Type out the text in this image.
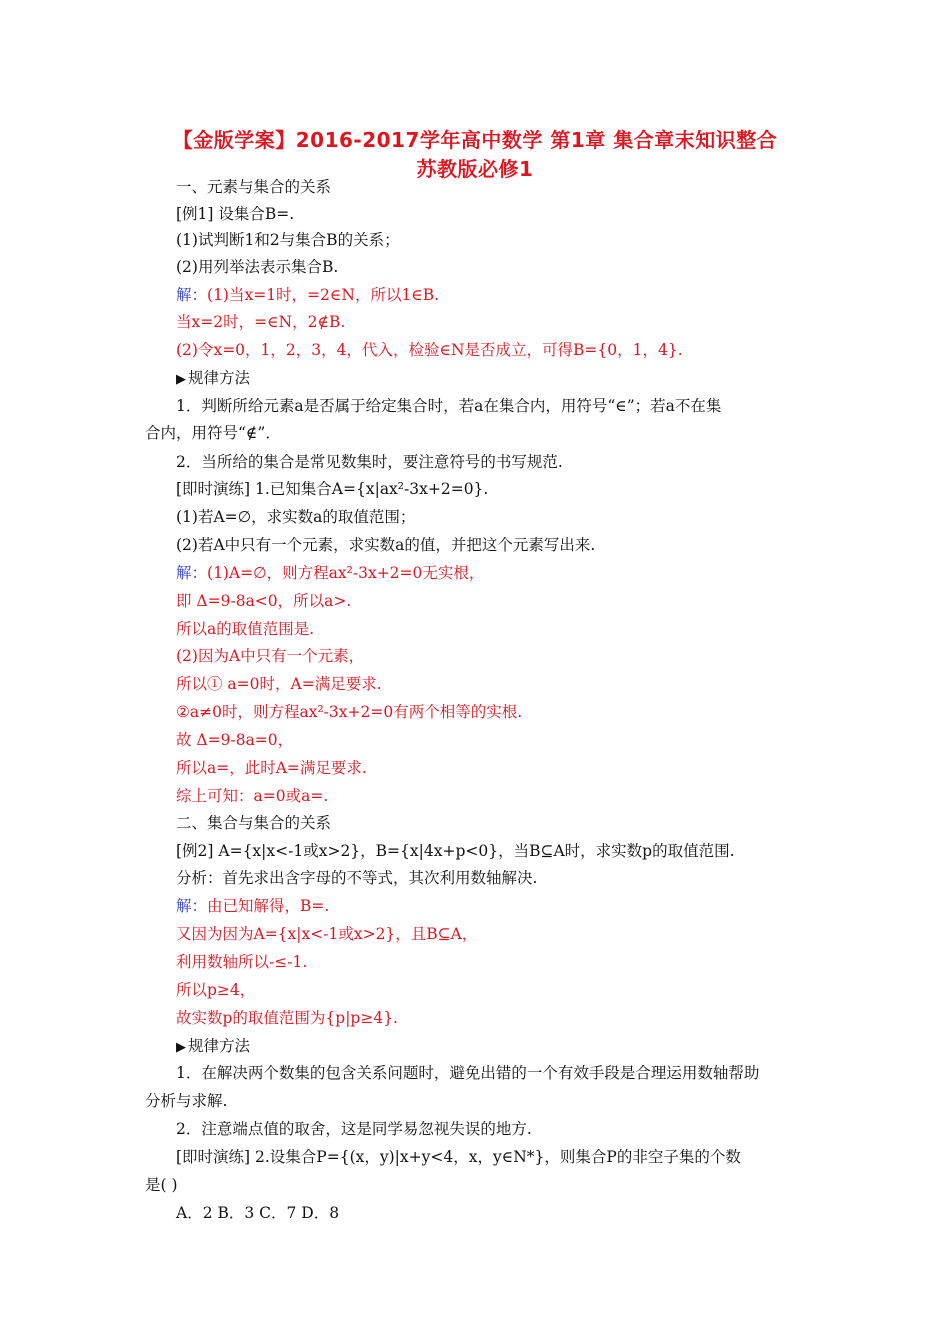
【金版学案】2016-2017学年高中数学 第1章 集合章末知识整合
苏教版必修1
一、元素与集合的关系
[例1] 设集合B=.
(1)试判断1和2与集合B的关系；
(2)用列举法表示集合B.
解：(1)当x=1时，=2∈N，所以1∈B.
当x=2时，=∈N，2∉B.
(2)令x=0，1，2，3，4，代入，检验∈N是否成立，可得B={0，1，4}.
▶ 规律方法
1．判断所给元素a是否属于给定集合时，若a在集合内，用符号“∈”；若a不在集
合内，用符号“∉”．
2．当所给的集合是常见数集时，要注意符号的书写规范.
[即时演练] 1.已知集合A={x|ax²-3x+2=0}.
(1)若A=∅，求实数a的取值范围；
(2)若A中只有一个元素，求实数a的值，并把这个元素写出来.
解：(1)A=∅，则方程ax²-3x+2=0无实根，
即 Δ=9-8a<0，所以a>.
所以a的取值范围是.
(2)因为A中只有一个元素，
所以① a=0时，A=满足要求.
②a≠0时，则方程ax²-3x+2=0有两个相等的实根.
故 Δ=9-8a=0，
所以a=，此时A=满足要求.
综上可知：a=0或a=.
二、集合与集合的关系
[例2] A={x|x<-1或x>2}，B={x|4x+p<0}，当B⊆A时，求实数p的取值范围.
分析：首先求出含字母的不等式，其次利用数轴解决.
解：由已知解得，B=.
又因为因为A={x|x<-1或x>2}，且B⊆A，
利用数轴所以-≤-1.
所以p≥4，
故实数p的取值范围为{p|p≥4}.
▶ 规律方法
1．在解决两个数集的包含关系问题时，避免出错的一个有效手段是合理运用数轴帮助
分析与求解.
2．注意端点值的取舍，这是同学易忽视失误的地方.
[即时演练] 2.设集合P={(x，y)|x+y<4，x，y∈N*}，则集合P的非空子集的个数
是( )
A．2 B．3 C．7 D．8
